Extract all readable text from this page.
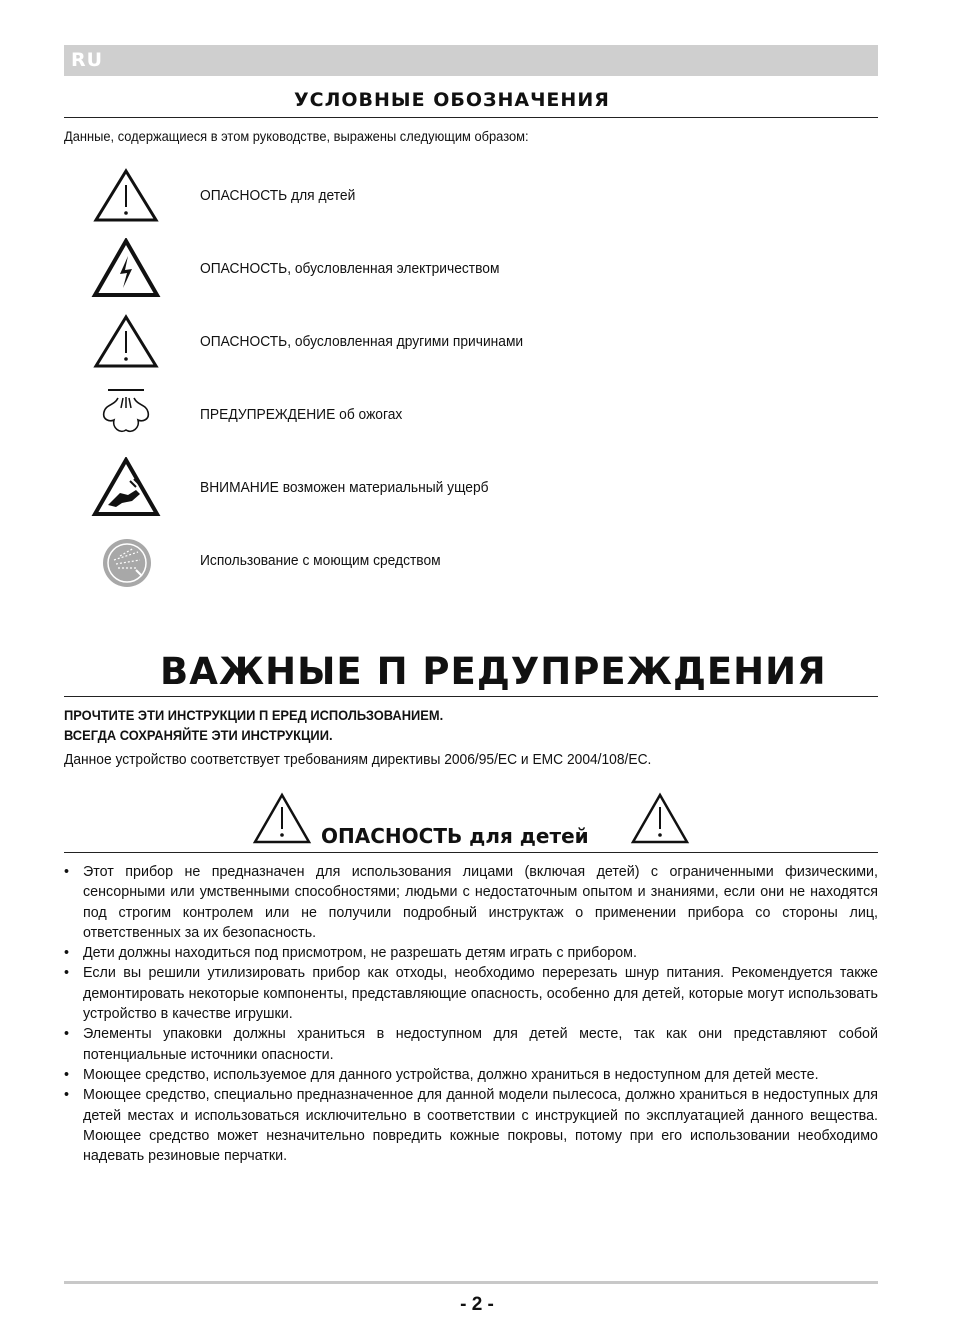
RU
УСЛОВНЫЕ ОБОЗНАЧЕНИЯ
Данные, содержащиеся в этом руководстве, выражены следующим образом:
ОПАСНОСТЬ для детей
ОПАСНОСТЬ, обусловленная электричеством
ОПАСНОСТЬ, обусловленная другими причинами
ПРЕДУПРЕЖДЕНИЕ об ожогах
ВНИМАНИЕ возможен материальный ущерб
Использование с моющим средством
ВАЖНЫЕ П РЕДУПРЕЖДЕНИЯ
ПРОЧТИТЕ ЭТИ ИНСТРУКЦИИ П ЕРЕД ИСПОЛЬЗОВАНИЕМ.
ВСЕГДА СОХРАНЯЙТЕ ЭТИ ИНСТРУКЦИИ.
Данное устройство соответствует требованиям директивы 2006/95/ЕС и ЕМС 2004/108/ЕС.
ОПАСНОСТЬ для детей
• Этот прибор не предназначен для использования лицами (включая детей) с ограниченными физическими, сенсорными или умственными способностями; людьми с недостаточным опытом и знаниями, если они не находятся под строгим контролем или не получили подробный инструктаж о применении прибора со стороны лиц, ответственных за их безопасность.
• Дети должны находиться под присмотром, не разрешать детям играть с прибором.
• Если вы решили утилизировать прибор как отходы, необходимо перерезать шнур питания. Рекомендуется также демонтировать некоторые компоненты, представляющие опасность, особенно для детей, которые могут использовать устройство в качестве игрушки.
• Элементы упаковки должны храниться в недоступном для детей месте, так как они представляют собой потенциальные источники опасности.
• Моющее средство, используемое для данного устройства, должно храниться в недоступном для детей месте.
• Моющее средство, специально предназначенное для данной модели пылесоса, должно храниться в недоступных для детей местах и использоваться исключительно в соответствии с инструкцией по эксплуатацией данного вещества. Моющее средство может незначительно повредить кожные покровы, потому при его использовании необходимо надевать резиновые перчатки.
- 2 -
